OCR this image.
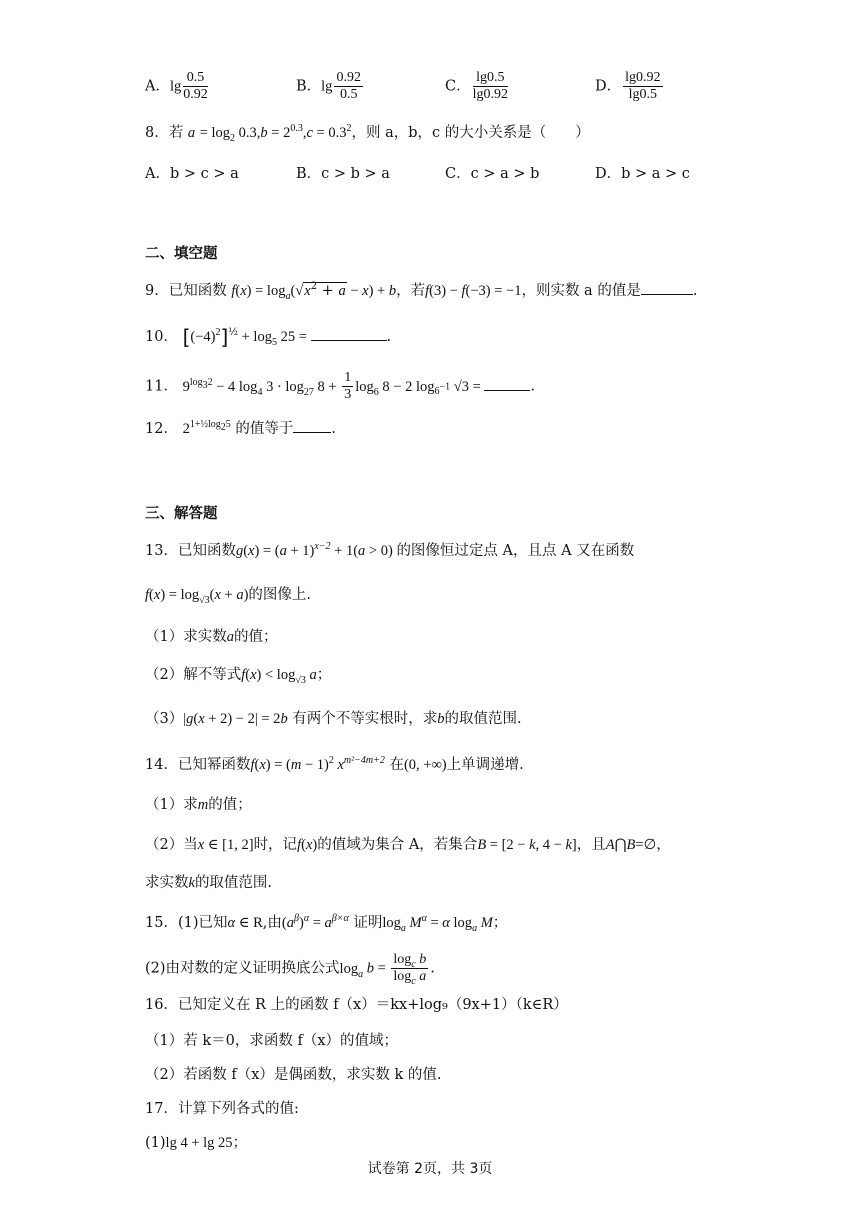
A．$\lg \frac{0.5}{0.92}$	B．$\lg \frac{0.92}{0.5}$	C． $\frac{\lg 0.5}{\lg 0.92}$	D． $\frac{\lg 0.92}{\lg 0.5}$
8．若 $a = \log_2 0.3,b = 2^{0.3},c = 0.3^2$，则 a，b，c 的大小关系是（　　）
A．b > c > a	B．c > b > a	C．c > a > b	D．b > a > c
二、填空题
9．已知函数 $f(x) = \log_a(√x^2 + a - x) + b$，若f(3) − f(−3) = −1，则实数 a 的值是	.
10． $[(-4)^2]^{\frac{1}{2}} + \log_5 25$ =	.
11． $9^{log_32} - 4$ $\log_4 3 \cdot \log_{27} 8 + \frac{1}{3} \log_6 8 - 2$ $\log_{6^{-1}} √3$ =	.
12． $2^{1+\frac{1}{2}log_25}$ 的值等于	.
三、解答题
13．已知函数$g(x) = (a + 1)^{x-2} + 1(a > 0)$ 的图像恒过定点 A，且点 A 又在函数
$f(x) = \log_{√3}(x + a)$的图像上.
（1）求实数a的值；
（2）解不等式$f(x) < \log_{√3} a$；
（3）|g(x + 2) − 2| = 2b 有两个不等实根时，求b的取值范围.
14．已知幂函数$f(x) = (m - 1)^2$ $x^{m^2-4m+2}$ 在(0, +∞)上单调递增.
（1）求m的值；
（2）当x ∈ [1, 2]时，记f(x)的值域为集合 A，若集合B = [2 − k, 4 − k]，且A⋂B=∅，
求实数k的取值范围.
15．(1)已知α ∈ R,由$(a^\beta)^\alpha = a^{\beta\times\alpha}$ 证明$\log_a M^\alpha = \alpha$ $\log_a M$；
(2)由对数的定义证明换底公式$\log_a b = \frac{\log_c b}{\log_c a}$ .
16．已知定义在 R 上的函数 f（x）＝kx+log₉（9x+1）（k∈R）
（1）若 k＝0，求函数 f（x）的值域；
（2）若函数 f（x）是偶函数，求实数 k 的值.
17．计算下列各式的值:
(1)lg 4 + lg 25；
试卷第 2页，共 3页
